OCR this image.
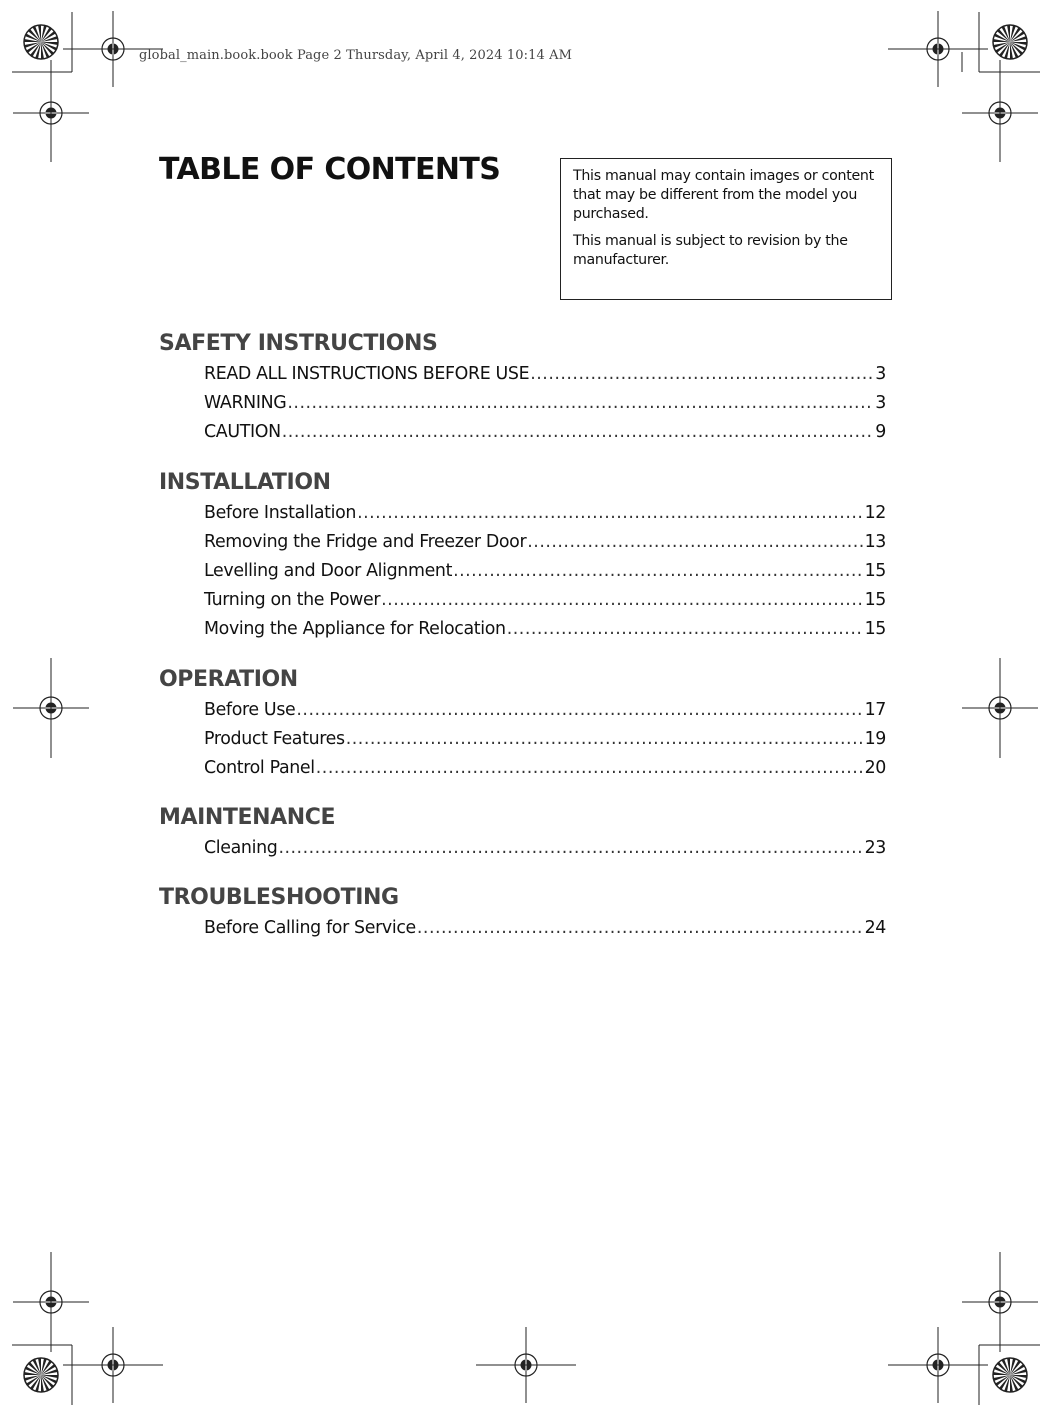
global_main.book.book Page 2 Thursday, April 4, 2024 10:14 AM
TABLE OF CONTENTS	This manual may contain images or content that may be different from the model you purchased.

This manual is subject to revision by the manufacturer.

SAFETY INSTRUCTIONS
READ ALL INSTRUCTIONS BEFORE USE .....	3
WARNING .....	3
CAUTION .....	9
INSTALLATION
Before Installation .....	12
Removing the Fridge and Freezer Door .....	13
Levelling and Door Alignment .....	15
Turning on the Power .....	15
Moving the Appliance for Relocation .....	15
OPERATION
Before Use .....	17
Product Features .....	19
Control Panel .....	20
MAINTENANCE
Cleaning .....	23
TROUBLESHOOTING
Before Calling for Service .....	24
